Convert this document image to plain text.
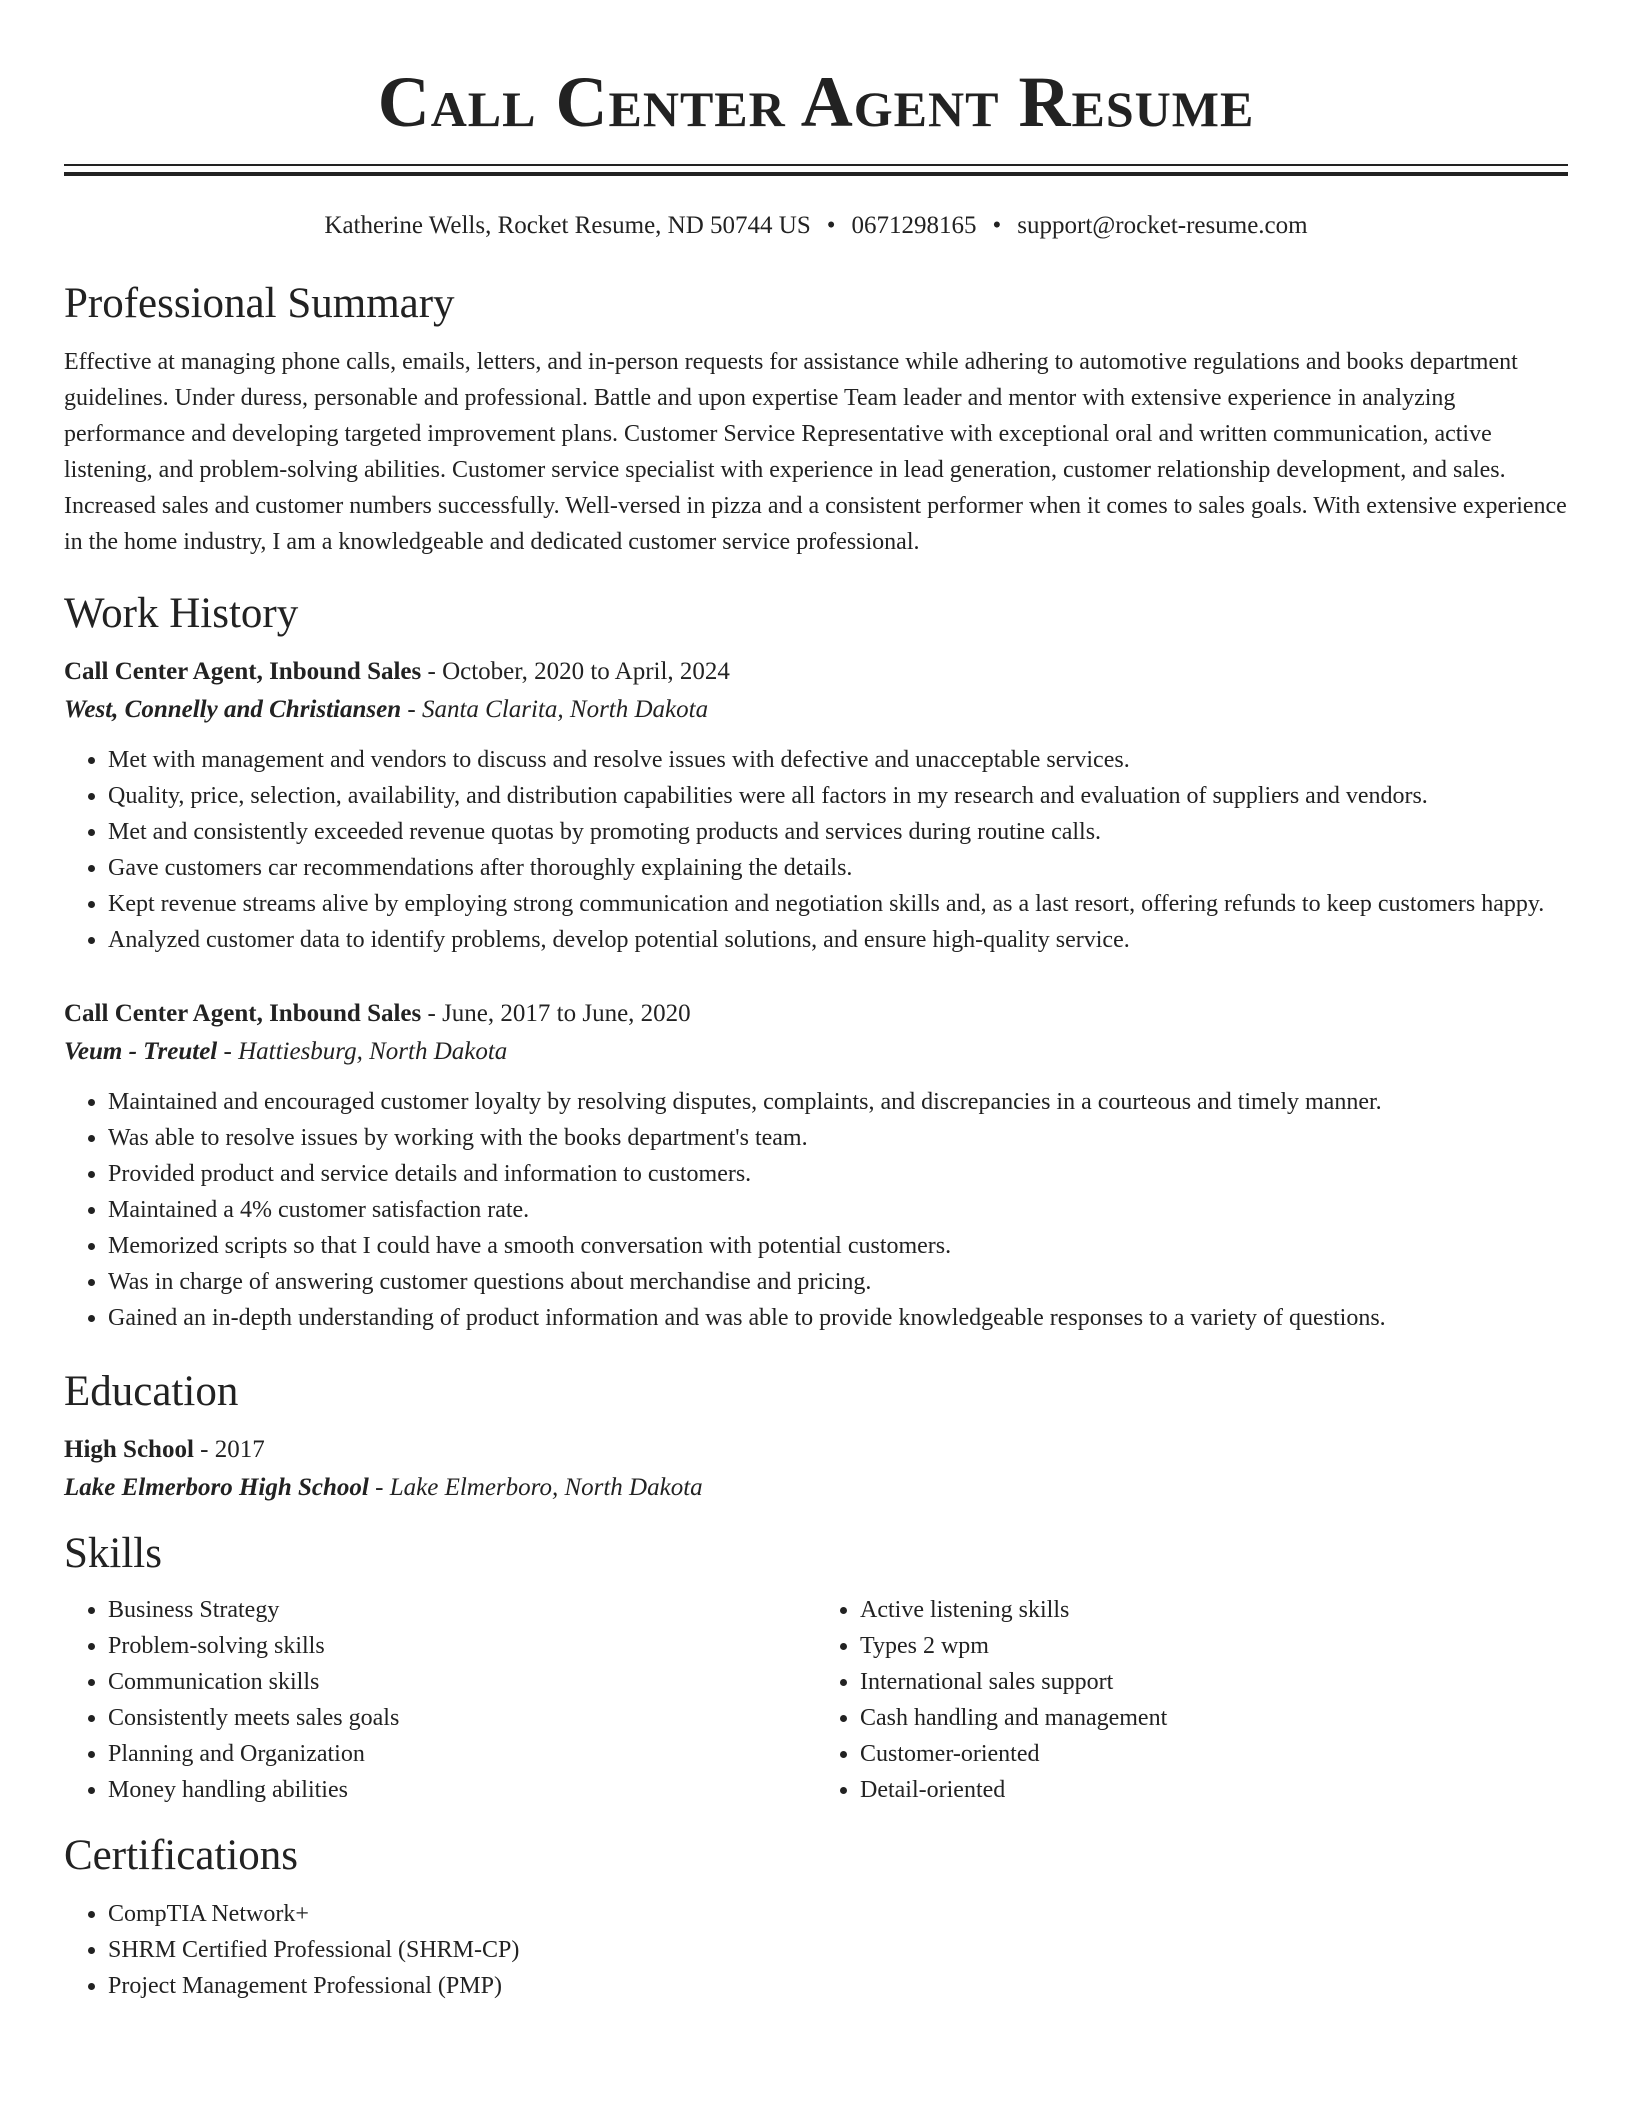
Call Center Agent Resume
Katherine Wells, Rocket Resume, ND 50744 US • 0671298165 • support@rocket-resume.com
Professional Summary

Effective at managing phone calls, emails, letters, and in-person requests for assistance while adhering to automotive regulations and books department guidelines. Under duress, personable and professional. Battle and upon expertise Team leader and mentor with extensive experience in analyzing performance and developing targeted improvement plans. Customer Service Representative with exceptional oral and written communication, active listening, and problem-solving abilities. Customer service specialist with experience in lead generation, customer relationship development, and sales. Increased sales and customer numbers successfully. Well-versed in pizza and a consistent performer when it comes to sales goals. With extensive experience in the home industry, I am a knowledgeable and dedicated customer service professional.

Work History

Call Center Agent, Inbound Sales - October, 2020 to April, 2024

West, Connelly and Christiansen - Santa Clarita, North Dakota

• Met with management and vendors to discuss and resolve issues with defective and unacceptable services.
• Quality, price, selection, availability, and distribution capabilities were all factors in my research and evaluation of suppliers and vendors.
• Met and consistently exceeded revenue quotas by promoting products and services during routine calls.
• Gave customers car recommendations after thoroughly explaining the details.
• Kept revenue streams alive by employing strong communication and negotiation skills and, as a last resort, offering refunds to keep customers happy.
• Analyzed customer data to identify problems, develop potential solutions, and ensure high-quality service.

Call Center Agent, Inbound Sales - June, 2017 to June, 2020

Veum - Treutel - Hattiesburg, North Dakota

• Maintained and encouraged customer loyalty by resolving disputes, complaints, and discrepancies in a courteous and timely manner.
• Was able to resolve issues by working with the books department's team.
• Provided product and service details and information to customers.
• Maintained a 4% customer satisfaction rate.
• Memorized scripts so that I could have a smooth conversation with potential customers.
• Was in charge of answering customer questions about merchandise and pricing.
• Gained an in-depth understanding of product information and was able to provide knowledgeable responses to a variety of questions.
Education

High School - 2017

Lake Elmerboro High School - Lake Elmerboro, North Dakota

Skills
• Business Strategy
• Problem-solving skills
• Communication skills
• Consistently meets sales goals
• Planning and Organization
• Money handling abilities
• Active listening skills
• Types 2 wpm
• International sales support
• Cash handling and management
• Customer-oriented
• Detail-oriented
Certifications
• CompTIA Network+
• SHRM Certified Professional (SHRM-CP)
• Project Management Professional (PMP)
